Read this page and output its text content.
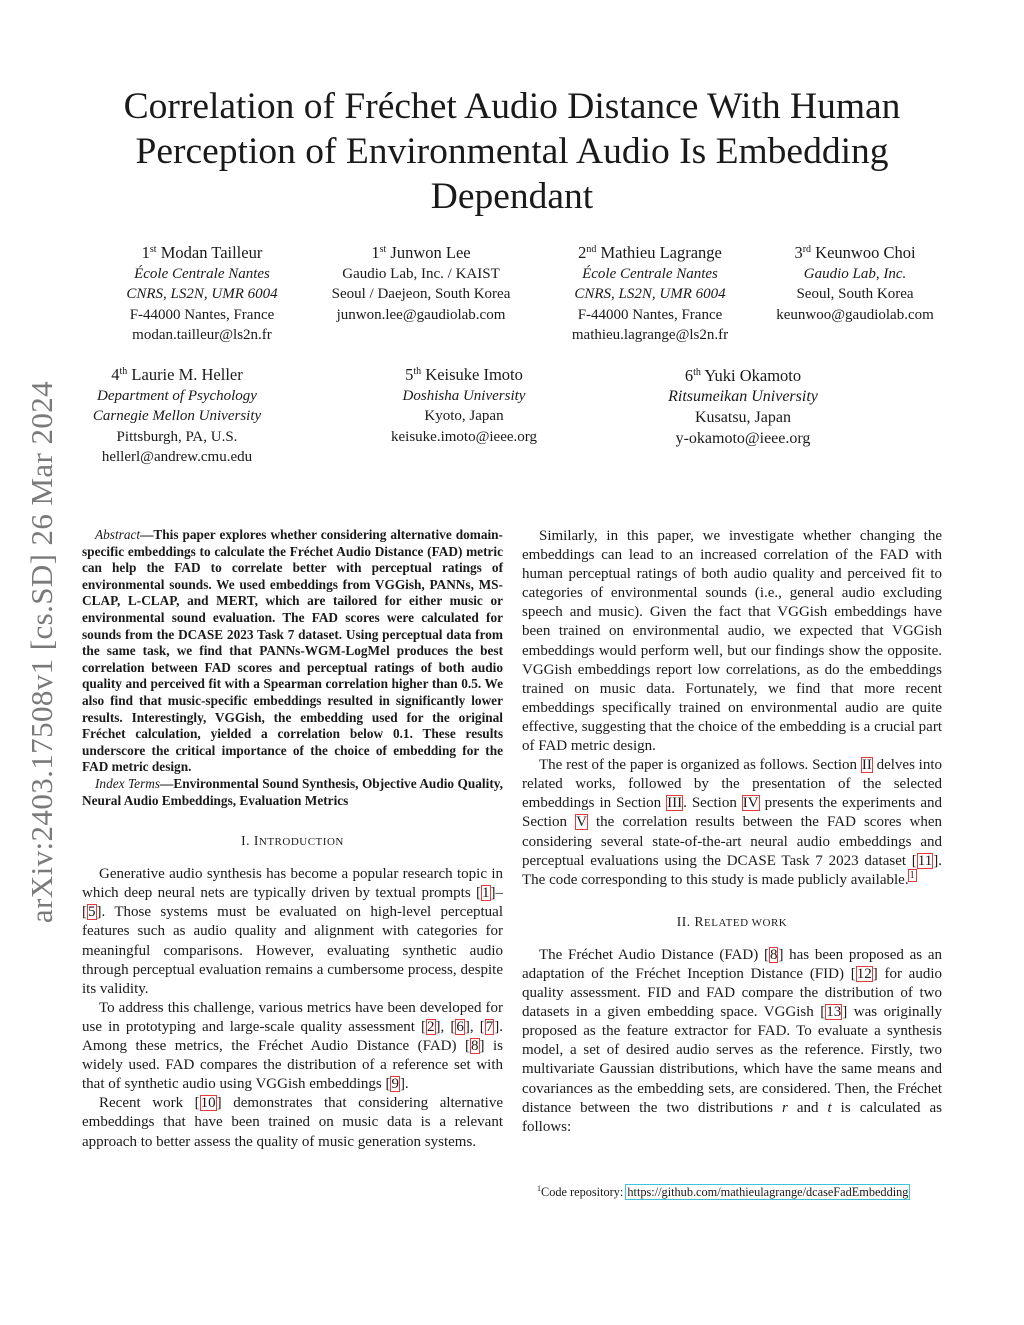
arXiv:2403.17508v1 [cs.SD] 26 Mar 2024
Correlation of Fréchet Audio Distance With Human
Perception of Environmental Audio Is Embedding
Dependant
1st Modan Tailleur
École Centrale Nantes
CNRS, LS2N, UMR 6004
F-44000 Nantes, France
modan.tailleur@ls2n.fr
1st Junwon Lee
Gaudio Lab, Inc. / KAIST
Seoul / Daejeon, South Korea
junwon.lee@gaudiolab.com
2nd Mathieu Lagrange
École Centrale Nantes
CNRS, LS2N, UMR 6004
F-44000 Nantes, France
mathieu.lagrange@ls2n.fr
3rd Keunwoo Choi
Gaudio Lab, Inc.
Seoul, South Korea
keunwoo@gaudiolab.com
4th Laurie M. Heller
Department of Psychology
Carnegie Mellon University
Pittsburgh, PA, U.S.
hellerl@andrew.cmu.edu
5th Keisuke Imoto
Doshisha University
Kyoto, Japan
keisuke.imoto@ieee.org
6th Yuki Okamoto
Ritsumeikan University
Kusatsu, Japan
y-okamoto@ieee.org

Abstract—This paper explores whether considering alternative domain-specific embeddings to calculate the Fréchet Audio Distance (FAD) metric can help the FAD to correlate better with perceptual ratings of environmental sounds. We used embeddings from VGGish, PANNs, MS-CLAP, L-CLAP, and MERT, which are tailored for either music or environmental sound evaluation. The FAD scores were calculated for sounds from the DCASE 2023 Task 7 dataset. Using perceptual data from the same task, we find that PANNs-WGM-LogMel produces the best correlation between FAD scores and perceptual ratings of both audio quality and perceived fit with a Spearman correlation higher than 0.5. We also find that music-specific embeddings resulted in significantly lower results. Interestingly, VGGish, the embedding used for the original Fréchet calculation, yielded a correlation below 0.1. These results underscore the critical importance of the choice of embedding for the FAD metric design.

Index Terms—Environmental Sound Synthesis, Objective Audio Quality, Neural Audio Embeddings, Evaluation Metrics

I. INTRODUCTION

Generative audio synthesis has become a popular research topic in which deep neural nets are typically driven by textual prompts [1]–[5]. Those systems must be evaluated on high-level perceptual features such as audio quality and alignment with categories for meaningful comparisons. However, evaluating synthetic audio through perceptual evaluation remains a cumbersome process, despite its validity.

To address this challenge, various metrics have been developed for use in prototyping and large-scale quality assessment [2], [6], [7]. Among these metrics, the Fréchet Audio Distance (FAD) [8] is widely used. FAD compares the distribution of a reference set with that of synthetic audio using VGGish embeddings [9].

Recent work [10] demonstrates that considering alternative embeddings that have been trained on music data is a relevant approach to better assess the quality of music generation systems.

Similarly, in this paper, we investigate whether changing the embeddings can lead to an increased correlation of the FAD with human perceptual ratings of both audio quality and perceived fit to categories of environmental sounds (i.e., general audio excluding speech and music). Given the fact that VGGish embeddings have been trained on environmental audio, we expected that VGGish embeddings would perform well, but our findings show the opposite. VGGish embeddings report low correlations, as do the embeddings trained on music data. Fortunately, we find that more recent embeddings specifically trained on environmental audio are quite effective, suggesting that the choice of the embedding is a crucial part of FAD metric design.

The rest of the paper is organized as follows. Section II delves into related works, followed by the presentation of the selected embeddings in Section III. Section IV presents the experiments and Section V the correlation results between the FAD scores when considering several state-of-the-art neural audio embeddings and perceptual evaluations using the DCASE Task 7 2023 dataset [11]. The code corresponding to this study is made publicly available.$^1$

II. RELATED WORK

The Fréchet Audio Distance (FAD) [8] has been proposed as an adaptation of the Fréchet Inception Distance (FID) [12] for audio quality assessment. FID and FAD compare the distribution of two datasets in a given embedding space. VGGish [13] was originally proposed as the feature extractor for FAD. To evaluate a synthesis model, a set of desired audio serves as the reference. Firstly, two multivariate Gaussian distributions, which have the same means and covariances as the embedding sets, are considered. Then, the Fréchet distance between the two distributions r and t is calculated as follows:

$^1$Code repository: https://github.com/mathieulagrange/dcaseFadEmbedding
